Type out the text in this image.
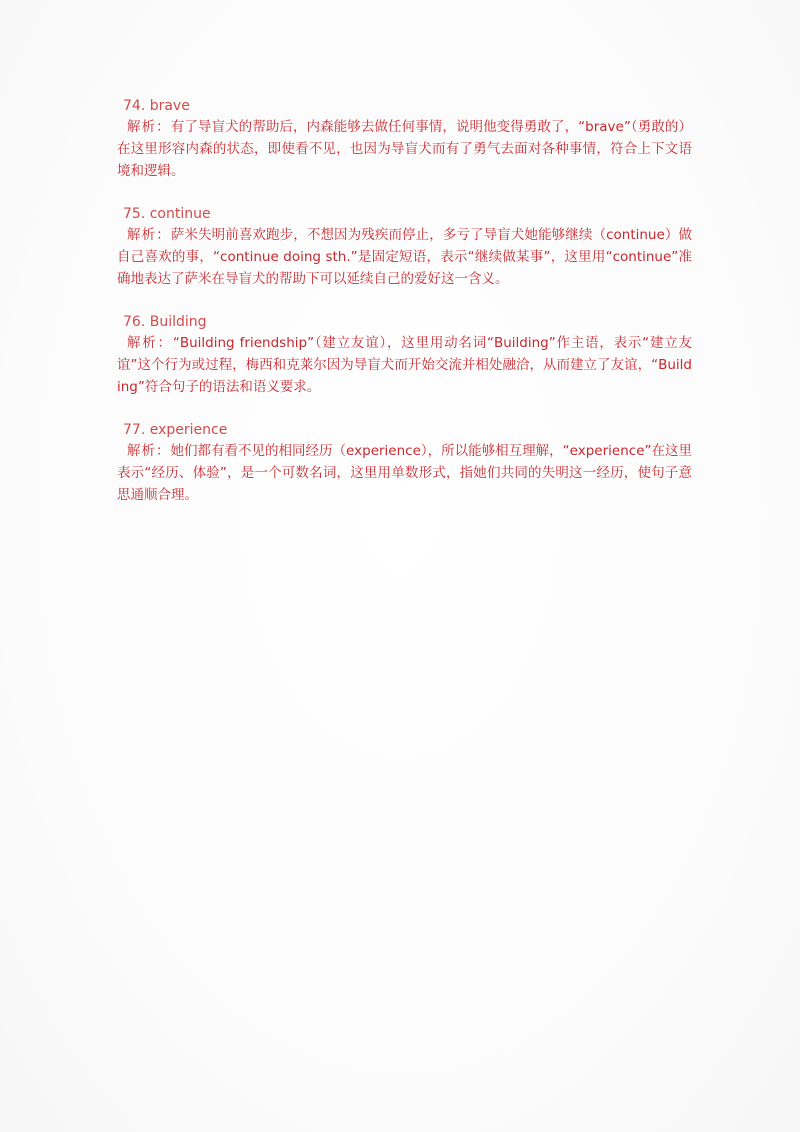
74. brave
解析：有了导盲犬的帮助后，内森能够去做任何事情，说明他变得勇敢了，“brave”（勇敢的）在这里形容内森的状态，即使看不见，也因为导盲犬而有了勇气去面对各种事情，符合上下文语境和逻辑。
75. continue
解析：萨米失明前喜欢跑步，不想因为残疾而停止，多亏了导盲犬她能够继续（continue）做自己喜欢的事，“continue doing sth.”是固定短语，表示“继续做某事”，这里用“continue”准确地表达了萨米在导盲犬的帮助下可以延续自己的爱好这一含义。
76. Building
解析：“Building friendship”（建立友谊），这里用动名词“Building”作主语，表示“建立友谊”这个行为或过程，梅西和克莱尔因为导盲犬而开始交流并相处融洽，从而建立了友谊，“Building”符合句子的语法和语义要求。
77. experience
解析：她们都有看不见的相同经历（experience），所以能够相互理解，“experience”在这里表示“经历、体验”，是一个可数名词，这里用单数形式，指她们共同的失明这一经历，使句子意思通顺合理。
